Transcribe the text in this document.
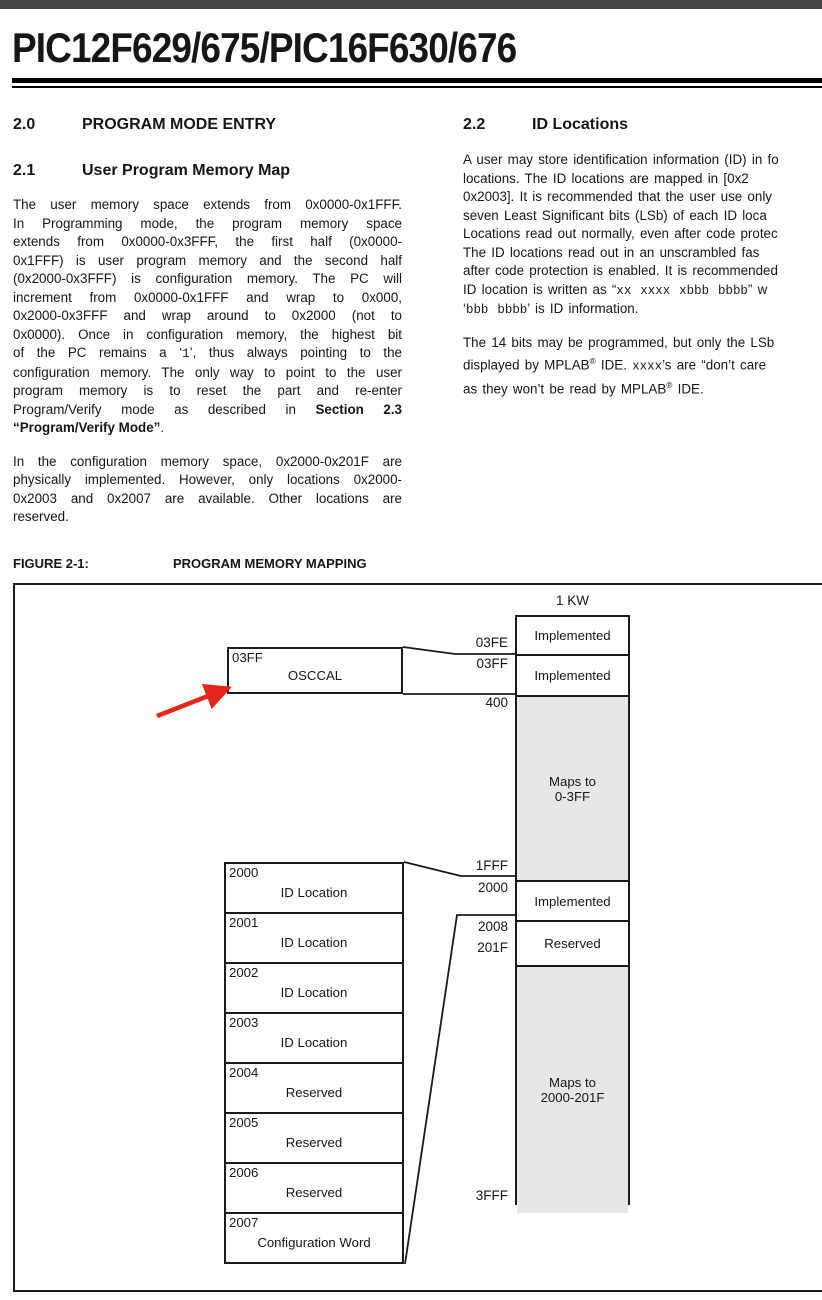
PIC12F629/675/PIC16F630/676
2.0	PROGRAM MODE ENTRY
2.1	User Program Memory Map
The user memory space extends from 0x0000-0x1FFF.
In Programming mode, the program memory space
extends from 0x0000-0x3FFF, the first half (0x0000-
0x1FFF) is user program memory and the second half
(0x2000-0x3FFF) is configuration memory. The PC will
increment from 0x0000-0x1FFF and wrap to 0x000,
0x2000-0x3FFF and wrap around to 0x2000 (not to
0x0000). Once in configuration memory, the highest bit
of the PC remains a ‘1’, thus always pointing to the
configuration memory. The only way to point to the user
program memory is to reset the part and re-enter
Program/Verify mode as described in Section 2.3
“Program/Verify Mode”.
In the configuration memory space, 0x2000-0x201F are
physically implemented. However, only locations 0x2000-
0x2003 and 0x2007 are available. Other locations are
reserved.
2.2	ID Locations
A user may store identification information (ID) in fo
locations. The ID locations are mapped in [0x2
0x2003]. It is recommended that the user use only
seven Least Significant bits (LSb) of each ID loca
Locations read out normally, even after code protec
The ID locations read out in an unscrambled fas
after code protection is enabled. It is recommended
ID location is written as “xx xxxx xbbb bbbb” w
‘bbb bbbb’ is ID information.
The 14 bits may be programmed, but only the LSb
displayed by MPLAB® IDE. xxxx’s are “don’t care
as they won’t be read by MPLAB® IDE.
FIGURE 2-1:	PROGRAM MEMORY MAPPING
1 KW
03FF
OSCCAL
2000
ID Location
2001
ID Location
2002
ID Location
2003
ID Location
2004
Reserved
2005
Reserved
2006
Reserved
2007
Configuration Word
Implemented
Implemented
Maps to
0-3FF
Implemented
Reserved
Maps to
2000-201F
03FE
03FF
400
1FFF
2000
2008
201F
3FFF
